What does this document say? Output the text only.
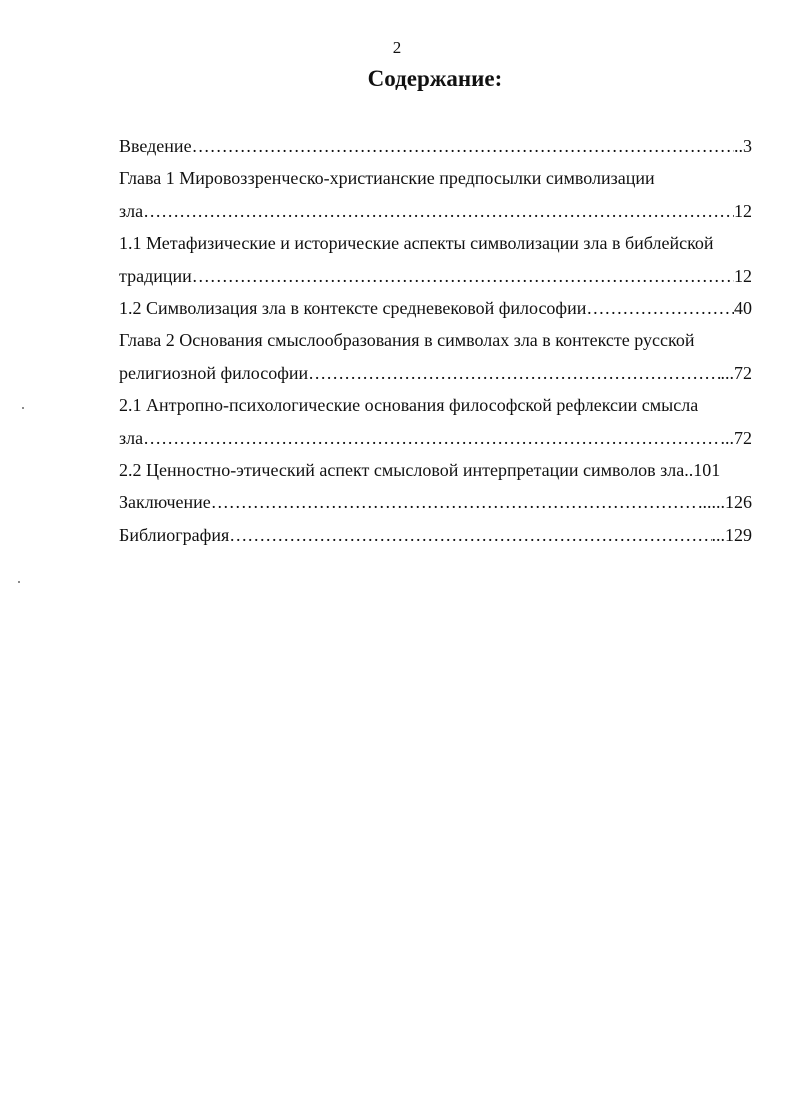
2
Содержание:
Введение …………………………………………………………………………………………………………………………………………………………………………………	..3
Глава 1 Мировоззренческо-христианские предпосылки символизации
зла …………………………………………………………………………………………………………………………………………………………………………………	12
1.1 Метафизические и исторические аспекты символизации зла в библейской
традиции …………………………………………………………………………………………………………………………………………………………………………………	12
1.2 Символизация зла в контексте средневековой философии …………………………………………………………………………………………………………………………………………………………………………………	40
Глава 2 Основания смыслообразования в символах зла в контексте русской
религиозной философии …………………………………………………………………………………………………………………………………………………………………………………	...72
2.1 Антропно-психологические основания философской рефлексии смысла
зла …………………………………………………………………………………………………………………………………………………………………………………	...72
2.2 Ценностно-этический аспект смысловой интерпретации символов зла ..101
Заключение …………………………………………………………………………………………………………………………………………………………………………………	......126
Библиография …………………………………………………………………………………………………………………………………………………………………………………	...129
